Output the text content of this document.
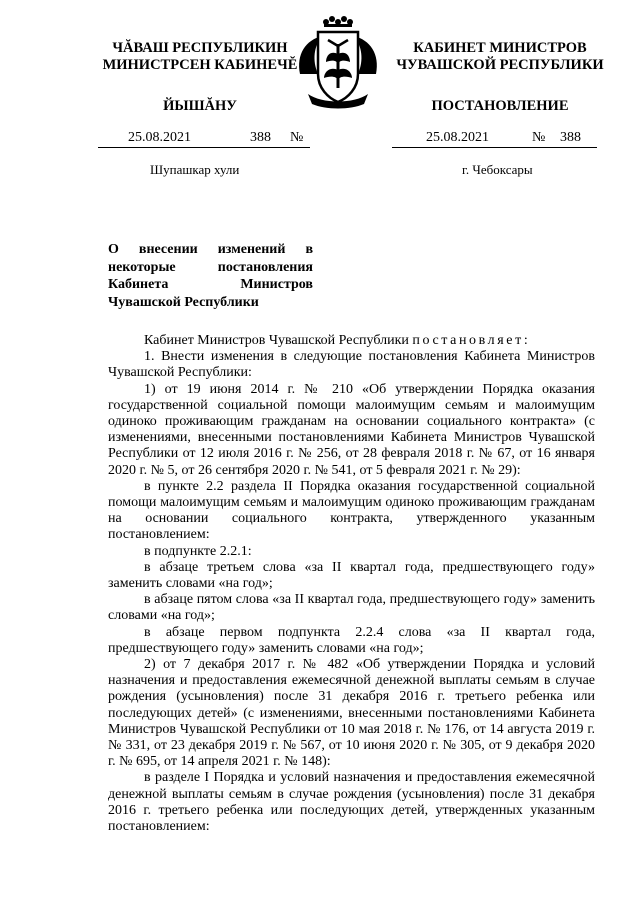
ЧĂВАШ РЕСПУБЛИКИН
МИНИСТРСЕН КАБИНЕЧĔ
ЙЫШĂНУ
КАБИНЕТ МИНИСТРОВ
ЧУВАШСКОЙ РЕСПУБЛИКИ
ПОСТАНОВЛЕНИЕ
25.08.2021	388 №	25.08.2021	№ 388
Шупашкар хули	г. Чебоксары
О внесении изменений в некоторые постановления Кабинета Министров Чувашской Республики

Кабинет Министров Чувашской Республики постановляет:

1. Внести изменения в следующие постановления Кабинета Министров Чувашской Республики:

1) от 19 июня 2014 г. № 210 «Об утверждении Порядка оказания государственной социальной помощи малоимущим семьям и малоимущим одиноко проживающим гражданам на основании социального контракта» (с изменениями, внесенными постановлениями Кабинета Министров Чувашской Республики от 12 июля 2016 г. № 256, от 28 февраля 2018 г. № 67, от 16 января 2020 г. № 5, от 26 сентября 2020 г. № 541, от 5 февраля 2021 г. № 29):

в пункте 2.2 раздела II Порядка оказания государственной социальной помощи малоимущим семьям и малоимущим одиноко проживающим гражданам на основании социального контракта, утвержденного указанным постановлением:

в подпункте 2.2.1:

в абзаце третьем слова «за II квартал года, предшествующего году» заменить словами «на год»;

в абзаце пятом слова «за II квартал года, предшествующего году» заменить словами «на год»;

в абзаце первом подпункта 2.2.4 слова «за II квартал года, предшествующего году» заменить словами «на год»;

2) от 7 декабря 2017 г. № 482 «Об утверждении Порядка и условий назначения и предоставления ежемесячной денежной выплаты семьям в случае рождения (усыновления) после 31 декабря 2016 г. третьего ребенка или последующих детей» (с изменениями, внесенными постановлениями Кабинета Министров Чувашской Республики от 10 мая 2018 г. № 176, от 14 августа 2019 г. № 331, от 23 декабря 2019 г. № 567, от 10 июня 2020 г. № 305, от 9 декабря 2020 г. № 695, от 14 апреля 2021 г. № 148):

в разделе I Порядка и условий назначения и предоставления ежемесячной денежной выплаты семьям в случае рождения (усыновления) после 31 декабря 2016 г. третьего ребенка или последующих детей, утвержденных указанным постановлением:
